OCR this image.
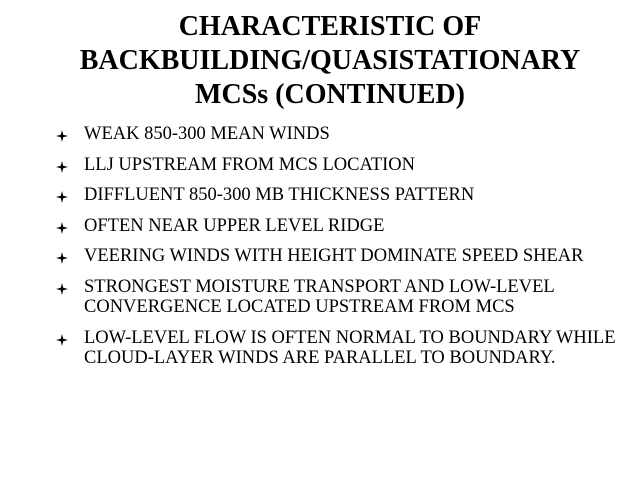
CHARACTERISTIC OF
BACKBUILDING/QUASISTATIONARY
MCSs (CONTINUED)
WEAK 850-300 MEAN WINDS
LLJ UPSTREAM FROM MCS LOCATION
DIFFLUENT 850-300 MB THICKNESS PATTERN
OFTEN NEAR UPPER LEVEL RIDGE
VEERING WINDS WITH HEIGHT DOMINATE SPEED SHEAR
STRONGEST MOISTURE TRANSPORT AND LOW-LEVEL CONVERGENCE LOCATED UPSTREAM FROM MCS
LOW-LEVEL FLOW IS OFTEN NORMAL TO BOUNDARY WHILE CLOUD-LAYER WINDS ARE PARALLEL TO BOUNDARY.
